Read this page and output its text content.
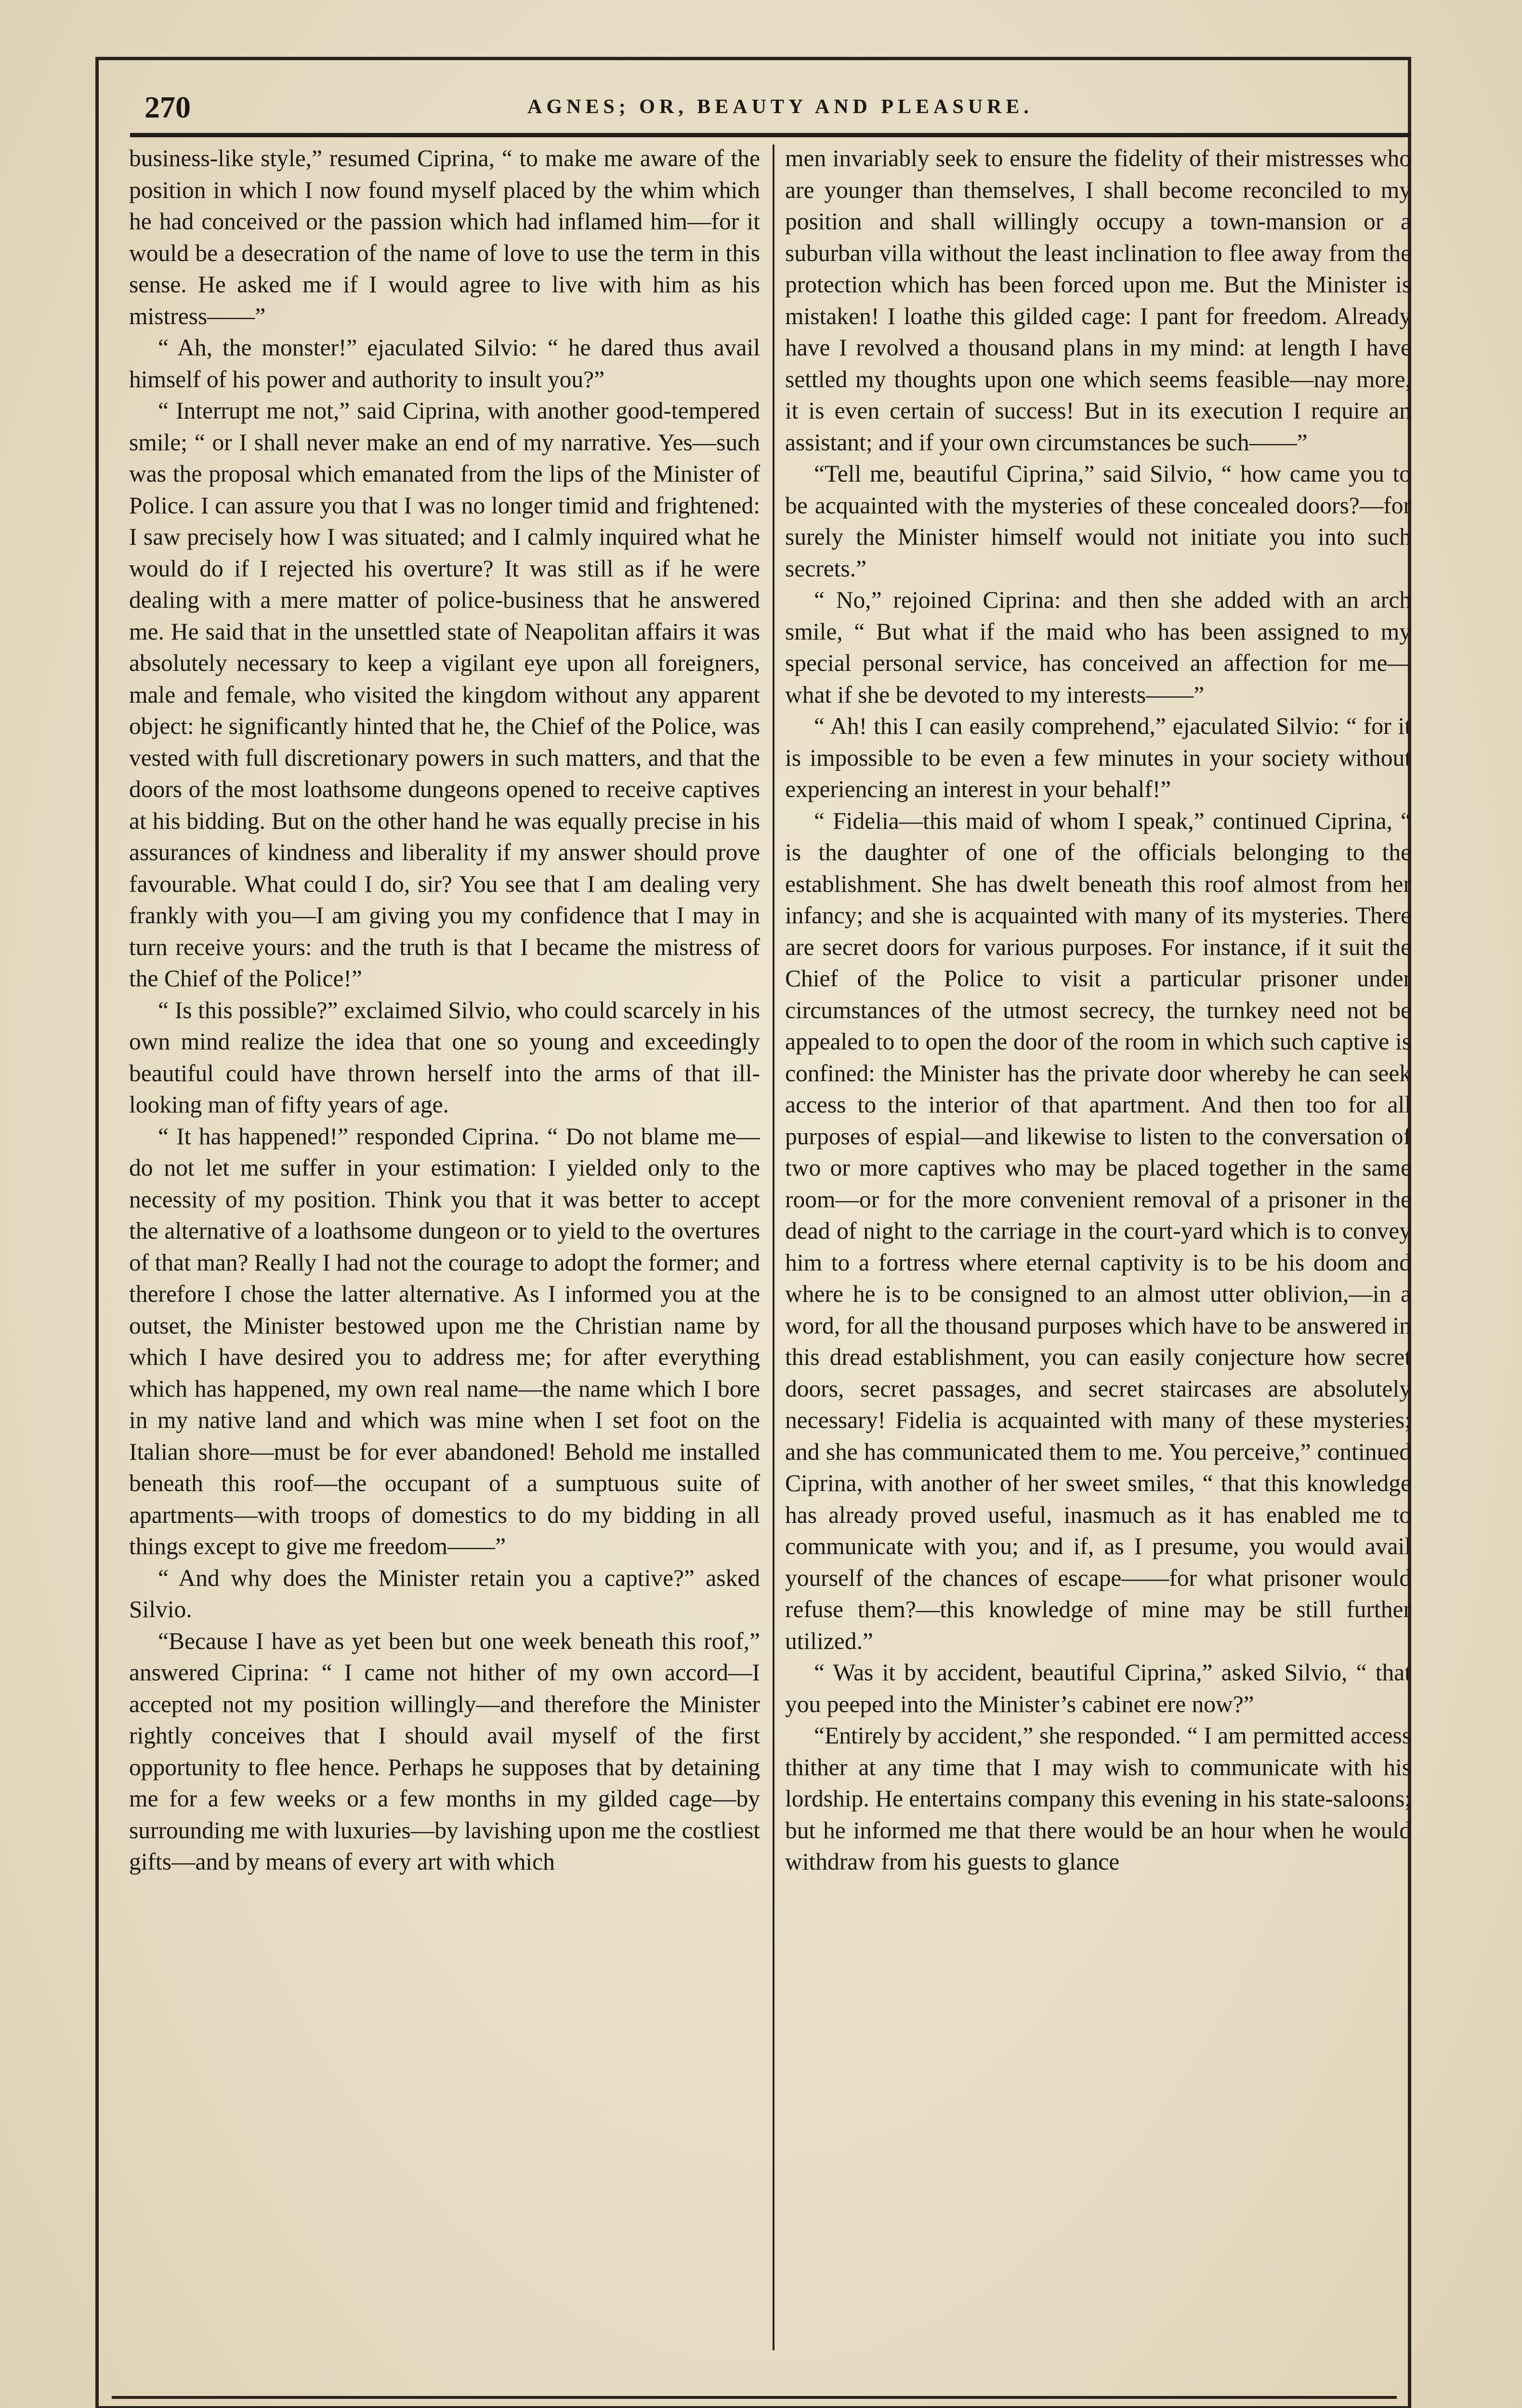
270	AGNES; OR, BEAUTY AND PLEASURE.

business-like style,” resumed Ciprina, “ to make me aware of the position in which I now found myself placed by the whim which he had conceived or the passion which had inflamed him—for it would be a desecration of the name of love to use the term in this sense. He asked me if I would agree to live with him as his mistress——”

“ Ah, the monster!” ejaculated Silvio: “ he dared thus avail himself of his power and authority to insult you?”

“ Interrupt me not,” said Ciprina, with another good-tempered smile; “ or I shall never make an end of my narrative. Yes—such was the proposal which emanated from the lips of the Minister of Police. I can assure you that I was no longer timid and frightened: I saw precisely how I was situated; and I calmly inquired what he would do if I rejected his overture? It was still as if he were dealing with a mere matter of police-business that he answered me. He said that in the unsettled state of Neapolitan affairs it was absolutely necessary to keep a vigilant eye upon all foreigners, male and female, who visited the kingdom without any apparent object: he significantly hinted that he, the Chief of the Police, was vested with full discretionary powers in such matters, and that the doors of the most loathsome dungeons opened to receive captives at his bidding. But on the other hand he was equally precise in his assurances of kindness and liberality if my answer should prove favourable. What could I do, sir? You see that I am dealing very frankly with you—I am giving you my confidence that I may in turn receive yours: and the truth is that I became the mistress of the Chief of the Police!”

“ Is this possible?” exclaimed Silvio, who could scarcely in his own mind realize the idea that one so young and exceedingly beautiful could have thrown herself into the arms of that ill-looking man of fifty years of age.

“ It has happened!” responded Ciprina. “ Do not blame me—do not let me suffer in your estimation: I yielded only to the necessity of my position. Think you that it was better to accept the alternative of a loathsome dungeon or to yield to the overtures of that man? Really I had not the courage to adopt the former; and therefore I chose the latter alternative. As I informed you at the outset, the Minister bestowed upon me the Christian name by which I have desired you to address me; for after everything which has happened, my own real name—the name which I bore in my native land and which was mine when I set foot on the Italian shore—must be for ever abandoned! Behold me installed beneath this roof—the occupant of a sumptuous suite of apartments—with troops of domestics to do my bidding in all things except to give me freedom——”

“ And why does the Minister retain you a captive?” asked Silvio.

“Because I have as yet been but one week beneath this roof,” answered Ciprina: “ I came not hither of my own accord—I accepted not my position willingly—and therefore the Minister rightly conceives that I should avail myself of the first opportunity to flee hence. Perhaps he supposes that by detaining me for a few weeks or a few months in my gilded cage—by surrounding me with luxuries—by lavishing upon me the costliest gifts—and by means of every art with which

men invariably seek to ensure the fidelity of their mistresses who are younger than themselves, I shall become reconciled to my position and shall willingly occupy a town-mansion or a suburban villa without the least inclination to flee away from the protection which has been forced upon me. But the Minister is mistaken! I loathe this gilded cage: I pant for freedom. Already have I revolved a thousand plans in my mind: at length I have settled my thoughts upon one which seems feasible—nay more, it is even certain of success! But in its execution I require an assistant; and if your own circumstances be such——”

“Tell me, beautiful Ciprina,” said Silvio, “ how came you to be acquainted with the mysteries of these concealed doors?—for surely the Minister himself would not initiate you into such secrets.”

“ No,” rejoined Ciprina: and then she added with an arch smile, “ But what if the maid who has been assigned to my special personal service, has conceived an affection for me—what if she be devoted to my interests——”

“ Ah! this I can easily comprehend,” ejaculated Silvio: “ for it is impossible to be even a few minutes in your society without experiencing an interest in your behalf!”

“ Fidelia—this maid of whom I speak,” continued Ciprina, “ is the daughter of one of the officials belonging to the establishment. She has dwelt beneath this roof almost from her infancy; and she is acquainted with many of its mysteries. There are secret doors for various purposes. For instance, if it suit the Chief of the Police to visit a particular prisoner under circumstances of the utmost secrecy, the turnkey need not be appealed to to open the door of the room in which such captive is confined: the Minister has the private door whereby he can seek access to the interior of that apartment. And then too for all purposes of espial—and likewise to listen to the conversation of two or more captives who may be placed together in the same room—or for the more convenient removal of a prisoner in the dead of night to the carriage in the court-yard which is to convey him to a fortress where eternal captivity is to be his doom and where he is to be consigned to an almost utter oblivion,—in a word, for all the thousand purposes which have to be answered in this dread establishment, you can easily conjecture how secret doors, secret passages, and secret staircases are absolutely necessary! Fidelia is acquainted with many of these mysteries; and she has communicated them to me. You perceive,” continued Ciprina, with another of her sweet smiles, “ that this knowledge has already proved useful, inasmuch as it has enabled me to communicate with you; and if, as I presume, you would avail yourself of the chances of escape——for what prisoner would refuse them?—this knowledge of mine may be still further utilized.”

“ Was it by accident, beautiful Ciprina,” asked Silvio, “ that you peeped into the Minister’s cabinet ere now?”

“Entirely by accident,” she responded. “ I am permitted access thither at any time that I may wish to communicate with his lordship. He entertains company this evening in his state-saloons; but he informed me that there would be an hour when he would withdraw from his guests to glance
